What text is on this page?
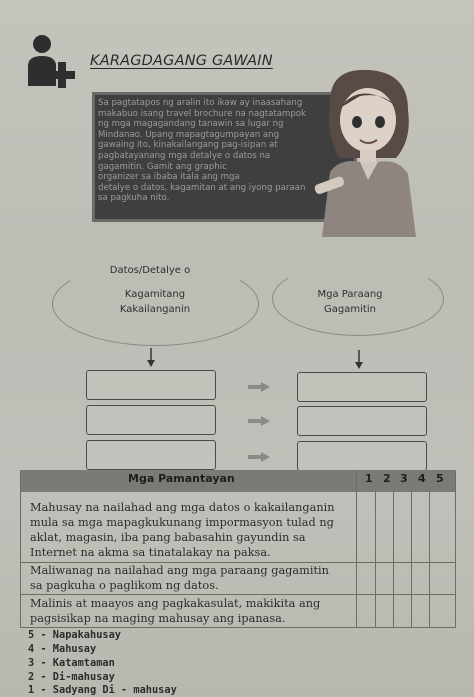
KARAGDAGANG GAWAIN
Sa pagtatapos ng aralin ito ikaw ay inaasahang
makabuo isang travel brochure na nagtatampok
ng mga magagandang tanawin sa lugar ng
Mindanao. Upang mapagtagumpayan ang
gawaing ito, kinakailangang pag-isipan at
pagbatayanang mga detalye o datos na
gagamitin. Gamit ang graphic
organizer sa ibaba itala ang mga
detalye o datos, kagamitan at ang iyong paraan
sa pagkuha nito.
Datos/Detalye o
Kagamitang
Kakailanganin
Mga Paraang
Gagamitin
Mga Pamantayan	1 2 3 4 5
Mahusay na nailahad ang mga datos o kakailanganin
mula sa mga mapagkukunang impormasyon tulad ng
aklat, magasin, iba pang babasahin gayundin sa
Internet na akma sa tinatalakay na paksa.
Maliwanag na nailahad ang mga paraang gagamitin
sa pagkuha o paglikom ng datos.
Malinis at maayos ang pagkakasulat, makikita ang
pagsisikap na maging mahusay ang ipanasa.
5 - Napakahusay
4 - Mahusay
3 - Katamtaman
2 - Di-mahusay
1 - Sadyang Di - mahusay
